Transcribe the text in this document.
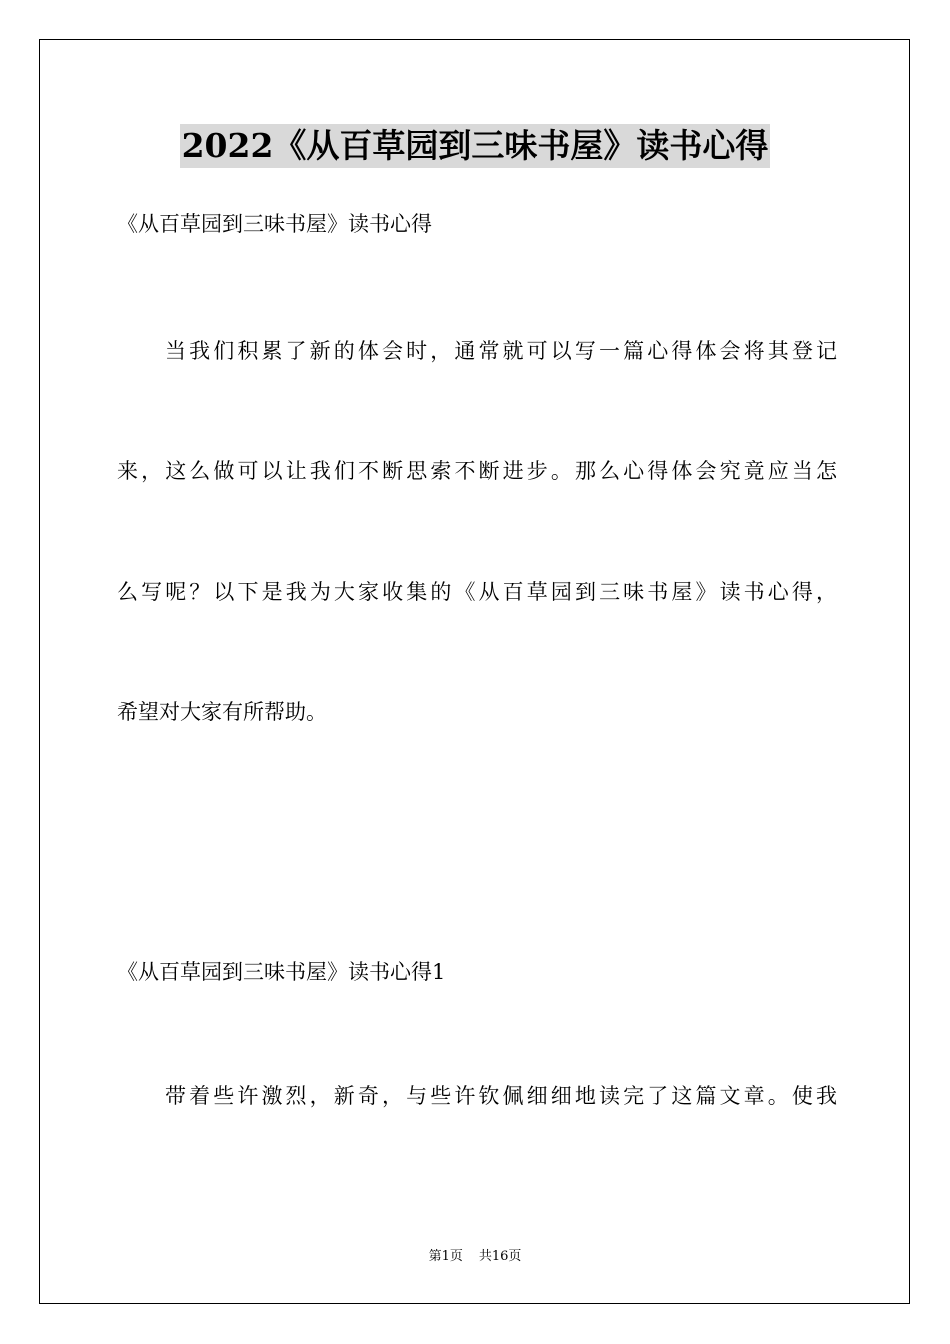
2022《从百草园到三味书屋》读书心得

《从百草园到三味书屋》读书心得

当我们积累了新的体会时，通常就可以写一篇心得体会将其登记

来，这么做可以让我们不断思索不断进步。那么心得体会究竟应当怎

么写呢？以下是我为大家收集的《从百草园到三味书屋》读书心得，

希望对大家有所帮助。

《从百草园到三味书屋》读书心得1

带着些许激烈，新奇，与些许钦佩细细地读完了这篇文章。使我

第1页 共16页
